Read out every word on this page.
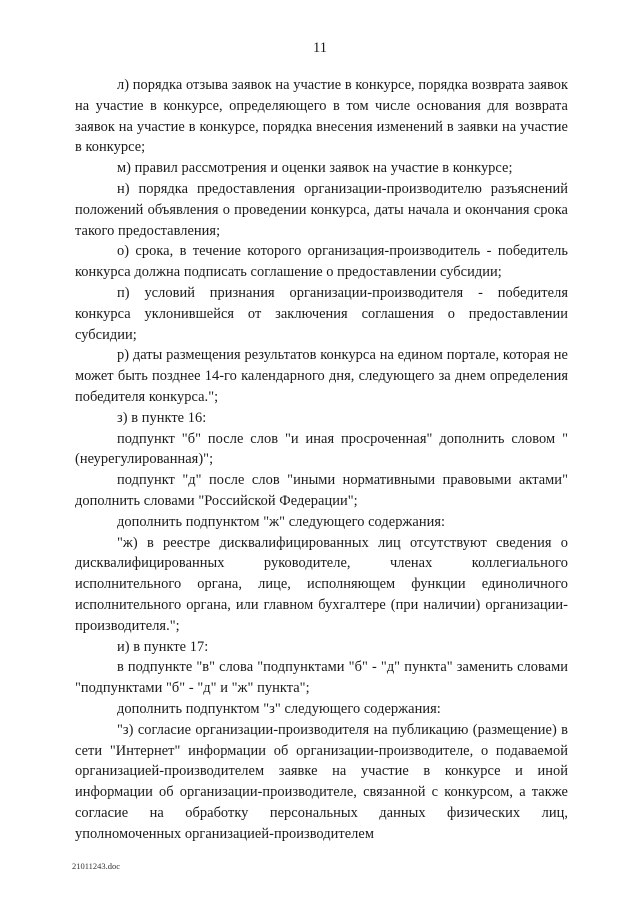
11

л) порядка отзыва заявок на участие в конкурсе, порядка возврата заявок на участие в конкурсе, определяющего в том числе основания для возврата заявок на участие в конкурсе, порядка внесения изменений в заявки на участие в конкурсе;

м) правил рассмотрения и оценки заявок на участие в конкурсе;

н) порядка предоставления организации-производителю разъяснений положений объявления о проведении конкурса, даты начала и окончания срока такого предоставления;

о) срока, в течение которого организация-производитель - победитель конкурса должна подписать соглашение о предоставлении субсидии;

п) условий признания организации-производителя - победителя конкурса уклонившейся от заключения соглашения о предоставлении субсидии;

р) даты размещения результатов конкурса на едином портале, которая не может быть позднее 14-го календарного дня, следующего за днем определения победителя конкурса.";

з) в пункте 16:

подпункт "б" после слов "и иная просроченная" дополнить словом "(неурегулированная)";

подпункт "д" после слов "иными нормативными правовыми актами" дополнить словами "Российской Федерации";

дополнить подпунктом "ж" следующего содержания:

"ж) в реестре дисквалифицированных лиц отсутствуют сведения о дисквалифицированных руководителе, членах коллегиального исполнительного органа, лице, исполняющем функции единоличного исполнительного органа, или главном бухгалтере (при наличии) организации-производителя.";

и) в пункте 17:

в подпункте "в" слова "подпунктами "б" - "д" пункта" заменить словами "подпунктами "б" - "д" и "ж" пункта";

дополнить подпунктом "з" следующего содержания:

"з) согласие организации-производителя на публикацию (размещение) в сети "Интернет" информации об организации-производителе, о подаваемой организацией-производителем заявке на участие в конкурсе и иной информации об организации-производителе, связанной с конкурсом, а также согласие на обработку персональных данных физических лиц, уполномоченных организацией-производителем

21011243.doc
